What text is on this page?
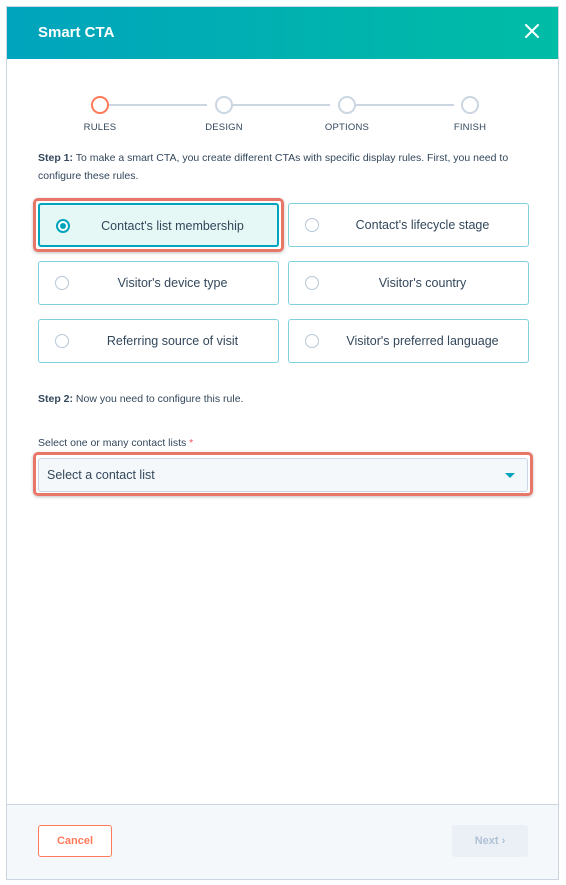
Smart CTA
RULES	DESIGN	OPTIONS	FINISH
Step 1: To make a smart CTA, you create different CTAs with specific display rules. First, you need to configure these rules.
Contact's list membership	Contact's lifecycle stage
Visitor's device type	Visitor's country
Referring source of visit	Visitor's preferred language
Step 2: Now you need to configure this rule.
Select one or many contact lists *
Select a contact list
Cancel	Next ›
